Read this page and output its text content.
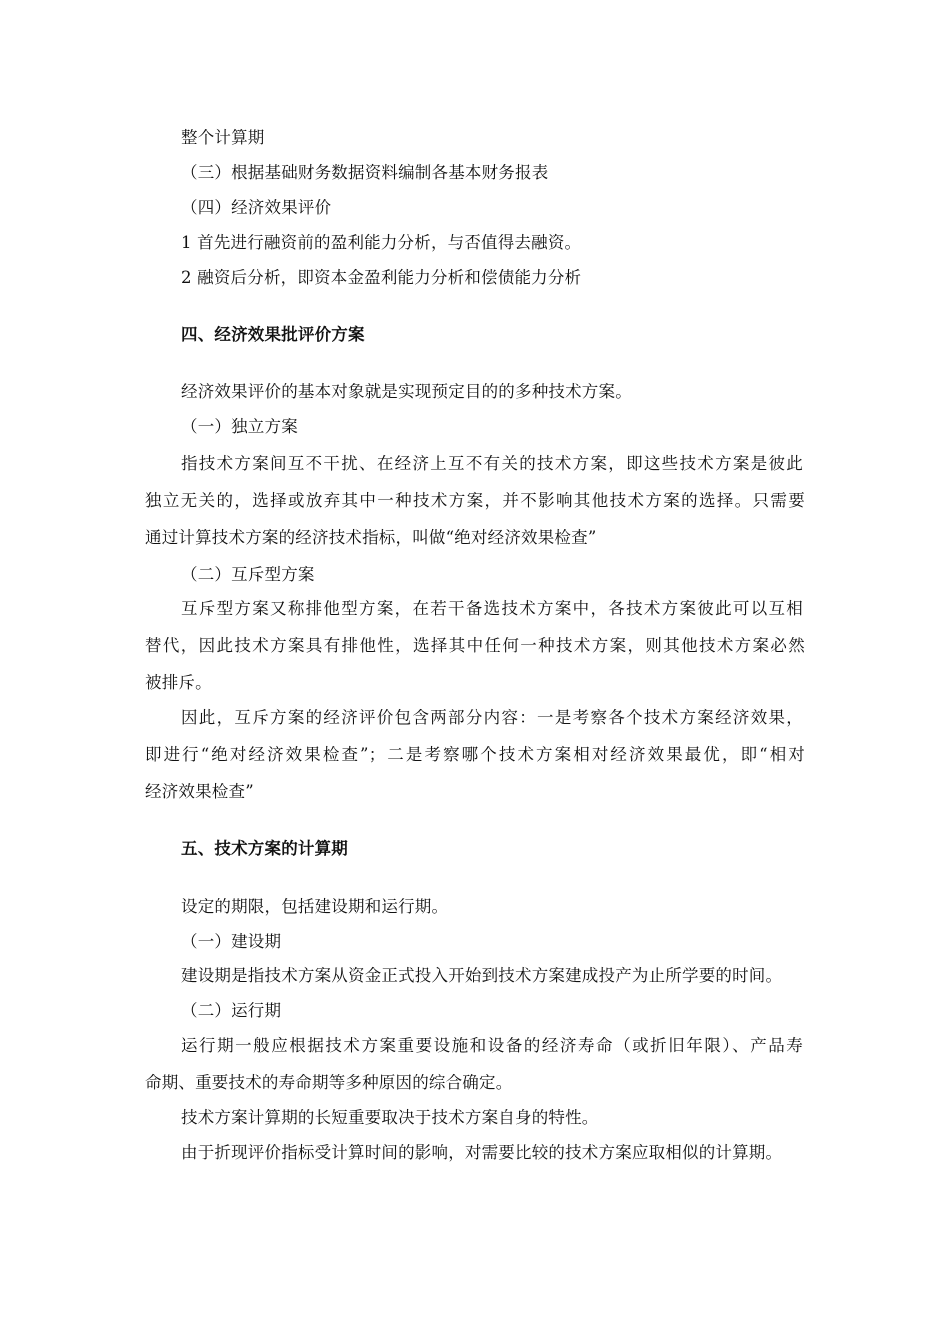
整个计算期
（三）根据基础财务数据资料编制各基本财务报表
（四）经济效果评价
1 首先进行融资前的盈利能力分析，与否值得去融资。
2 融资后分析，即资本金盈利能力分析和偿债能力分析
四、经济效果批评价方案
经济效果评价的基本对象就是实现预定目的的多种技术方案。
（一）独立方案
指技术方案间互不干扰、在经济上互不有关的技术方案，即这些技术方案是彼此
独立无关的，选择或放弃其中一种技术方案，并不影响其他技术方案的选择。只需要
通过计算技术方案的经济技术指标，叫做“绝对经济效果检查”
（二）互斥型方案
互斥型方案又称排他型方案，在若干备选技术方案中，各技术方案彼此可以互相
替代，因此技术方案具有排他性，选择其中任何一种技术方案，则其他技术方案必然
被排斥。
因此，互斥方案的经济评价包含两部分内容：一是考察各个技术方案经济效果，
即进行“绝对经济效果检查”；二是考察哪个技术方案相对经济效果最优，即“相对
经济效果检查”
五、技术方案的计算期
设定的期限，包括建设期和运行期。
（一）建设期
建设期是指技术方案从资金正式投入开始到技术方案建成投产为止所学要的时间。
（二）运行期
运行期一般应根据技术方案重要设施和设备的经济寿命（或折旧年限）、产品寿
命期、重要技术的寿命期等多种原因的综合确定。
技术方案计算期的长短重要取决于技术方案自身的特性。
由于折现评价指标受计算时间的影响，对需要比较的技术方案应取相似的计算期。
